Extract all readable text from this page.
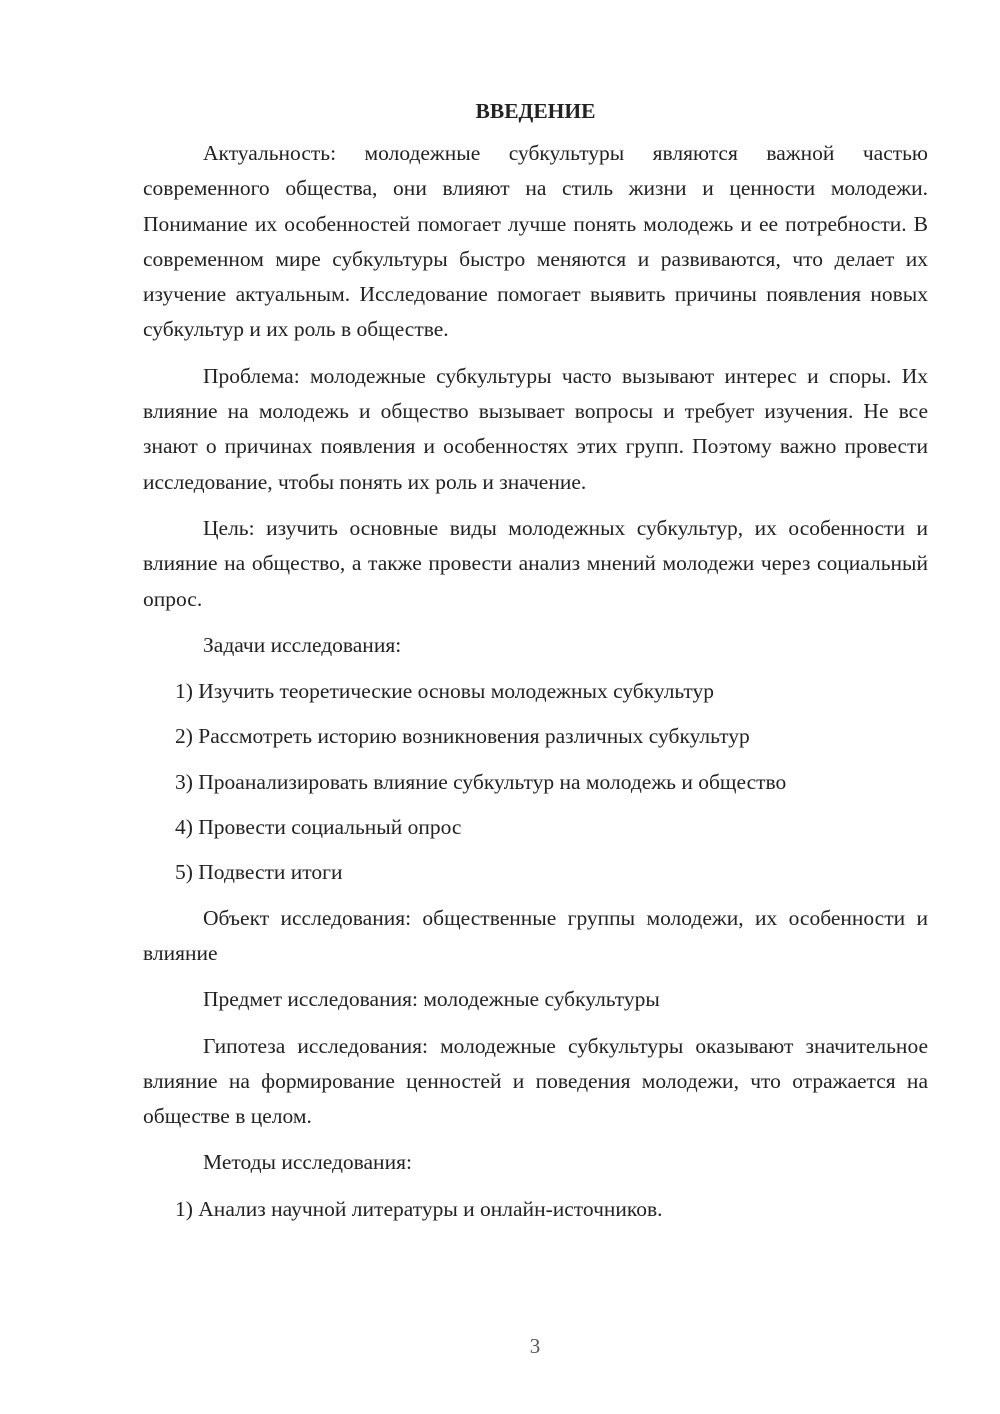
ВВЕДЕНИЕ

Актуальность: молодежные субкультуры являются важной частью современного общества, они влияют на стиль жизни и ценности молодежи. Понимание их особенностей помогает лучше понять молодежь и ее потребности. В современном мире субкультуры быстро меняются и развиваются, что делает их изучение актуальным. Исследование помогает выявить причины появления новых субкультур и их роль в обществе.

Проблема: молодежные субкультуры часто вызывают интерес и споры. Их влияние на молодежь и общество вызывает вопросы и требует изучения. Не все знают о причинах появления и особенностях этих групп. Поэтому важно провести исследование, чтобы понять их роль и значение.

Цель: изучить основные виды молодежных субкультур, их особенности и влияние на общество, а также провести анализ мнений молодежи через социальный опрос.

Задачи исследования:

1) Изучить теоретические основы молодежных субкультур

2) Рассмотреть историю возникновения различных субкультур

3) Проанализировать влияние субкультур на молодежь и общество

4) Провести социальный опрос

5) Подвести итоги

Объект исследования: общественные группы молодежи, их особенности и влияние

Предмет исследования: молодежные субкультуры

Гипотеза исследования: молодежные субкультуры оказывают значительное влияние на формирование ценностей и поведения молодежи, что отражается на обществе в целом.

Методы исследования:

1) Анализ научной литературы и онлайн-источников.

3
